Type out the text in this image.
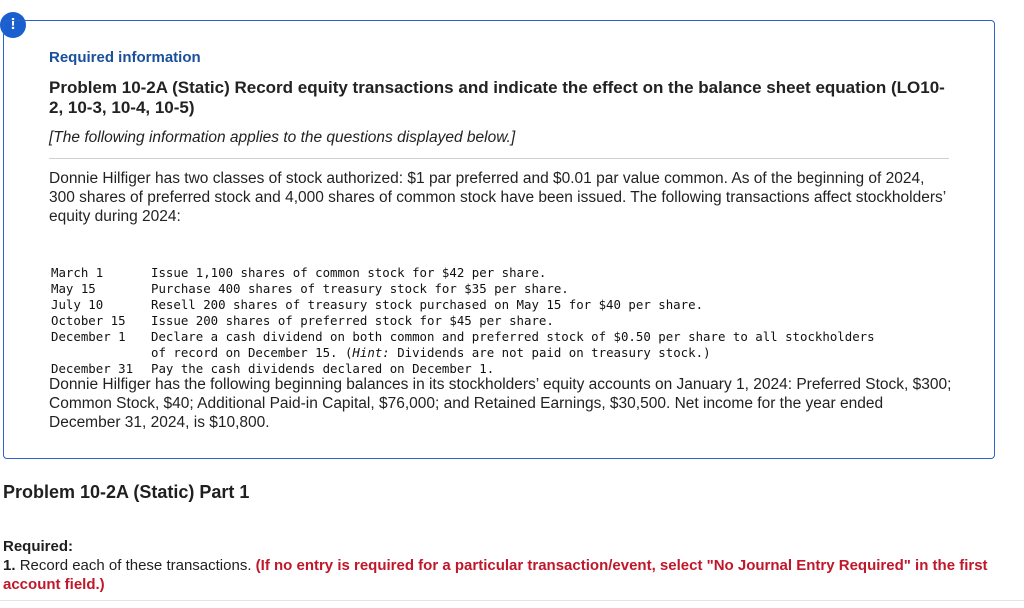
!
Required information
Problem 10-2A (Static) Record equity transactions and indicate the effect on the balance sheet equation (LO10-2, 10-3, 10-4, 10-5)
[The following information applies to the questions displayed below.]
Donnie Hilfiger has two classes of stock authorized: $1 par preferred and $0.01 par value common. As of the beginning of 2024, 300 shares of preferred stock and 4,000 shares of common stock have been issued. The following transactions affect stockholders’ equity during 2024:
March 1	Issue 1,100 shares of common stock for $42 per share.
May 15	Purchase 400 shares of treasury stock for $35 per share.
July 10	Resell 200 shares of treasury stock purchased on May 15 for $40 per share.
October 15	Issue 200 shares of preferred stock for $45 per share.
December 1	Declare a cash dividend on both common and preferred stock of $0.50 per share to all stockholders of record on December 15. (Hint: Dividends are not paid on treasury stock.)
December 31	Pay the cash dividends declared on December 1.
Donnie Hilfiger has the following beginning balances in its stockholders’ equity accounts on January 1, 2024: Preferred Stock, $300; Common Stock, $40; Additional Paid-in Capital, $76,000; and Retained Earnings, $30,500. Net income for the year ended December 31, 2024, is $10,800.
Problem 10-2A (Static) Part 1
Required:
1. Record each of these transactions. (If no entry is required for a particular transaction/event, select "No Journal Entry Required" in the first account field.)
